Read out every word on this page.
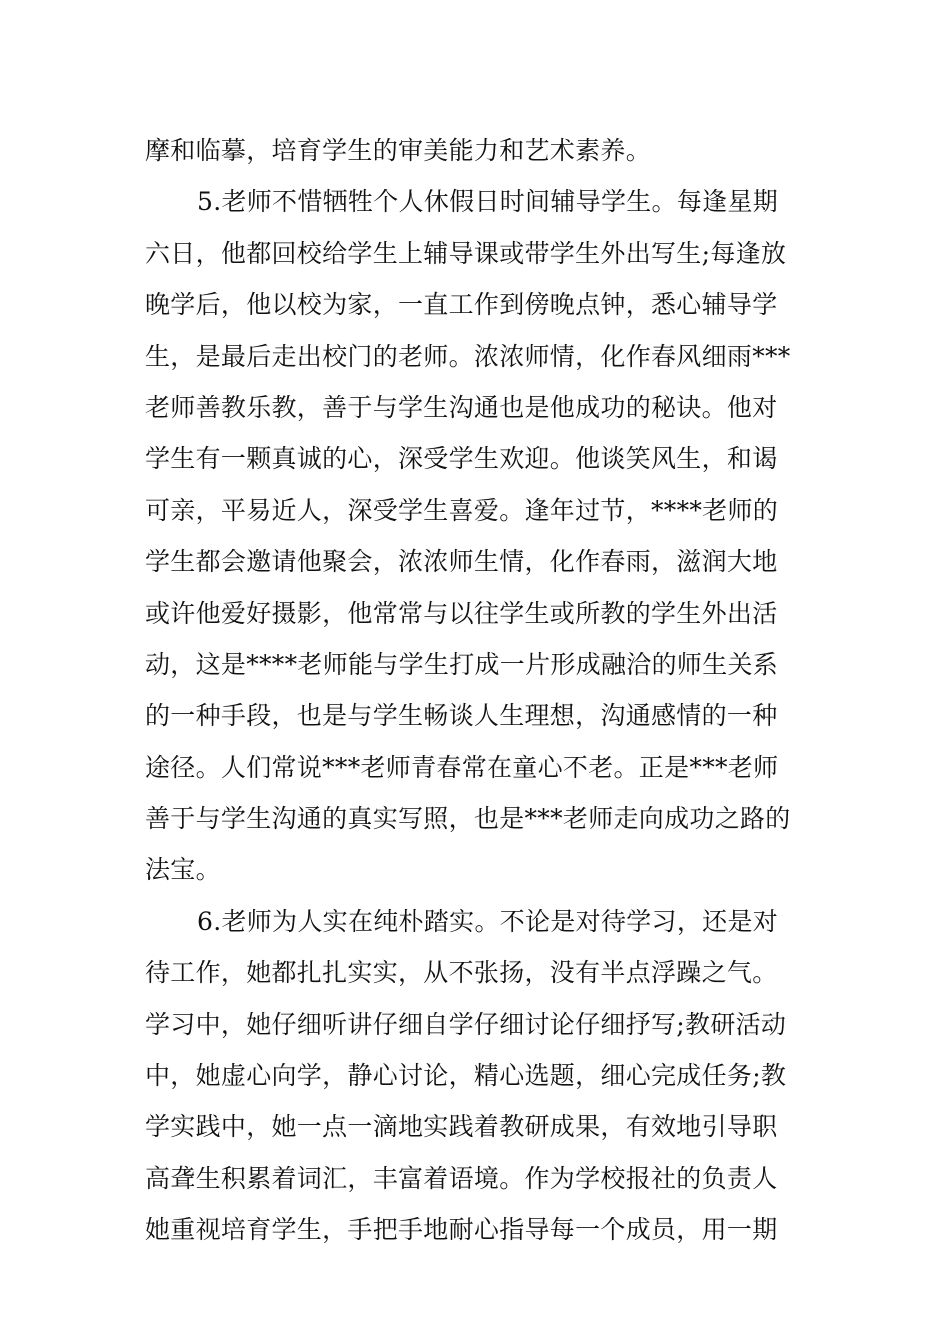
摩和临摹，培育学生的审美能力和艺术素养。
5.老师不惜牺牲个人休假日时间辅导学生。每逢星期
六日，他都回校给学生上辅导课或带学生外出写生;每逢放
晚学后，他以校为家，一直工作到傍晚点钟，悉心辅导学
生，是最后走出校门的老师。浓浓师情，化作春风细雨***
老师善教乐教，善于与学生沟通也是他成功的秘诀。他对
学生有一颗真诚的心，深受学生欢迎。他谈笑风生，和谒
可亲，平易近人，深受学生喜爱。逢年过节，****老师的
学生都会邀请他聚会，浓浓师生情，化作春雨，滋润大地
或许他爱好摄影，他常常与以往学生或所教的学生外出活
动，这是****老师能与学生打成一片形成融洽的师生关系
的一种手段，也是与学生畅谈人生理想，沟通感情的一种
途径。人们常说***老师青春常在童心不老。正是***老师
善于与学生沟通的真实写照，也是***老师走向成功之路的
法宝。
6.老师为人实在纯朴踏实。不论是对待学习，还是对
待工作，她都扎扎实实，从不张扬，没有半点浮躁之气。
学习中，她仔细听讲仔细自学仔细讨论仔细抒写;教研活动
中，她虚心向学，静心讨论，精心选题，细心完成任务;教
学实践中，她一点一滴地实践着教研成果，有效地引导职
高聋生积累着词汇，丰富着语境。作为学校报社的负责人
她重视培育学生，手把手地耐心指导每一个成员，用一期
